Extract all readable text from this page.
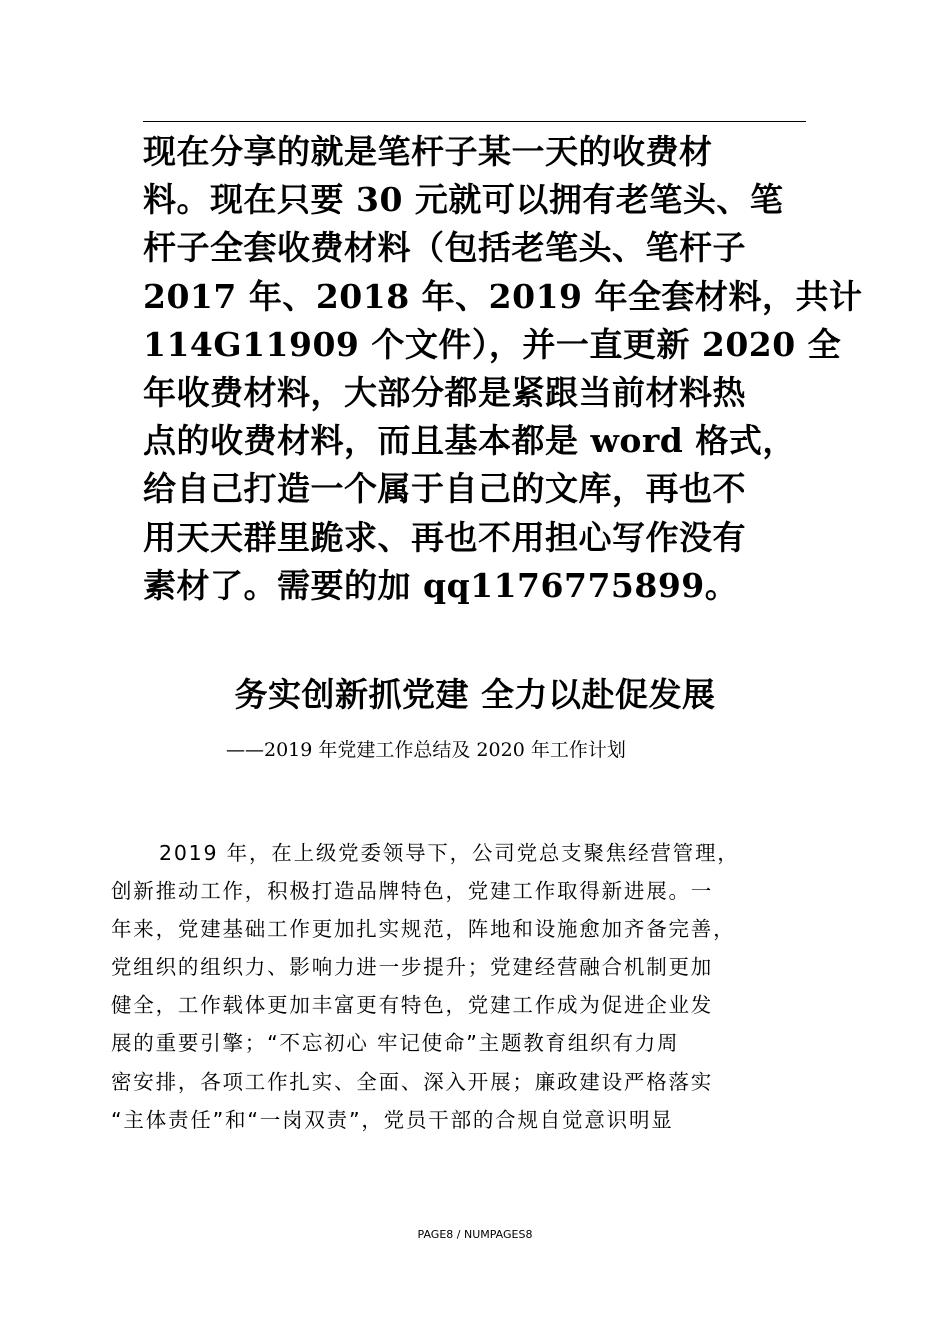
现在分享的就是笔杆子某一天的收费材
料。现在只要 30 元就可以拥有老笔头、笔
杆子全套收费材料（包括老笔头、笔杆子
2017 年、2018 年、2019 年全套材料，共计
114G11909 个文件），并一直更新 2020 全
年收费材料，大部分都是紧跟当前材料热
点的收费材料，而且基本都是 word 格式，
给自己打造一个属于自己的文库，再也不
用天天群里跪求、再也不用担心写作没有
素材了。需要的加 qq1176775899。
务实创新抓党建 全力以赴促发展
——2019 年党建工作总结及 2020 年工作计划
2019 年，在上级党委领导下，公司党总支聚焦经营管理，
创新推动工作，积极打造品牌特色，党建工作取得新进展。一
年来，党建基础工作更加扎实规范，阵地和设施愈加齐备完善，
党组织的组织力、影响力进一步提升；党建经营融合机制更加
健全，工作载体更加丰富更有特色，党建工作成为促进企业发
展的重要引擎；“不忘初心 牢记使命”主题教育组织有力周
密安排，各项工作扎实、全面、深入开展；廉政建设严格落实
“主体责任”和“一岗双责”，党员干部的合规自觉意识明显
PAGE8 / NUMPAGES8
